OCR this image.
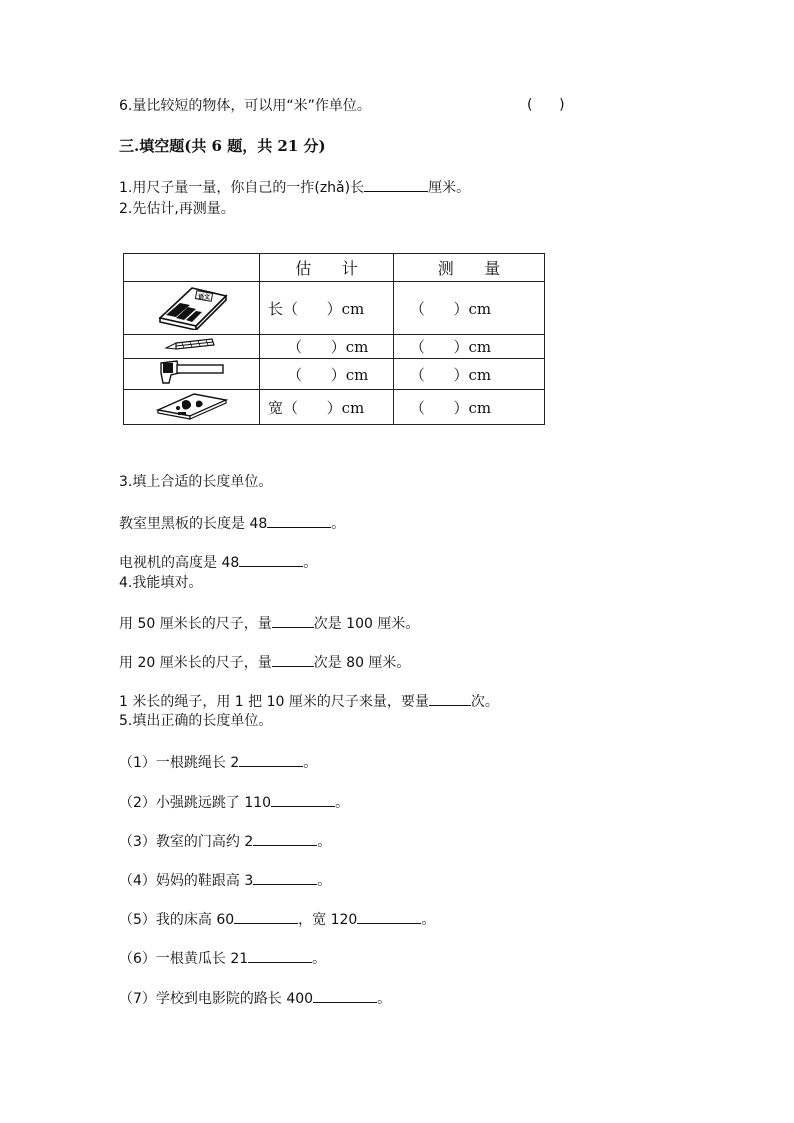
6.量比较短的物体，可以用“米”作单位。	(      )
三.填空题(共 6 题，共 21 分)
1.用尺子量一量，你自己的一拃(zhǎ)长	厘米。
2.先估计,再测量。
	估      计	测      量

语文	长（      ）cm	（      ）cm
	（      ）cm	（      ）cm
	（      ）cm	（      ）cm
	宽（      ）cm	（      ）cm
3.填上合适的长度单位。
教室里黑板的长度是 48	。
电视机的高度是 48	。
4.我能填对。
用 50 厘米长的尺子，量	次是 100 厘米。
用 20 厘米长的尺子，量	次是 80 厘米。
1 米长的绳子，用 1 把 10 厘米的尺子来量，要量	次。
5.填出正确的长度单位。
（1）一根跳绳长 2	。
（2）小强跳远跳了 110	。
（3）教室的门高约 2	。
（4）妈妈的鞋跟高 3	。
（5）我的床高 60	，宽 120	。
（6）一根黄瓜长 21	。
（7）学校到电影院的路长 400	。
